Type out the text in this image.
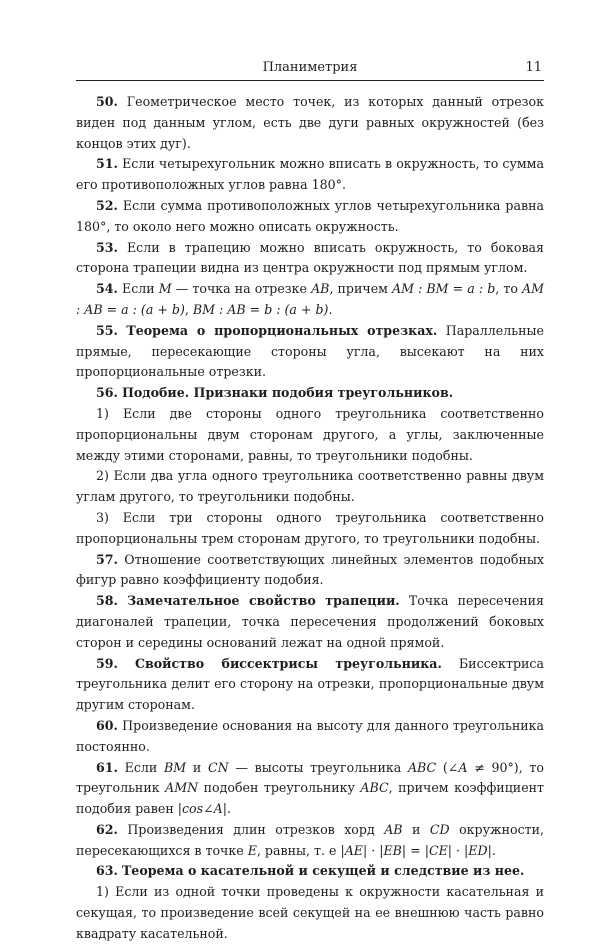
Планиметрия	11

50. Геометрическое место точек, из которых данный отрезок виден под данным углом, есть две дуги равных окружностей (без концов этих дуг).

51. Если четырехугольник можно вписать в окружность, то сумма его противоположных углов равна 180°.

52. Если сумма противоположных углов четырехугольника равна 180°, то около него можно описать окружность.

53. Если в трапецию можно вписать окружность, то боковая сторона трапеции видна из центра окружности под прямым углом.

54. Если M — точка на отрезке AB, причем AM : BM = a : b, то AM : AB = a : (a + b), BM : AB = b : (a + b).

55. Теорема о пропорциональных отрезках. Параллельные прямые, пересекающие стороны угла, высекают на них пропорциональные отрезки.

56. Подобие. Признаки подобия треугольников.

1) Если две стороны одного треугольника соответственно пропорциональны двум сторонам другого, а углы, заключенные между этими сторонами, равны, то треугольники подобны.

2) Если два угла одного треугольника соответственно равны двум углам другого, то треугольники подобны.

3) Если три стороны одного треугольника соответственно пропорциональны трем сторонам другого, то треугольники подобны.

57. Отношение соответствующих линейных элементов подобных фигур равно коэффициенту подобия.

58. Замечательное свойство трапеции. Точка пересечения диагоналей трапеции, точка пересечения продолжений боковых сторон и середины оснований лежат на одной прямой.

59. Свойство биссектрисы треугольника. Биссектриса треугольника делит его сторону на отрезки, пропорциональные двум другим сторонам.

60. Произведение основания на высоту для данного треугольника постоянно.

61. Если BM и CN — высоты треугольника ABC (∠A ≠ 90°), то треугольник AMN подобен треугольнику ABC, причем коэффициент подобия равен |cos∠A|.

62. Произведения длин отрезков хорд AB и CD окружности, пересекающихся в точке E, равны, т. е |AE| · |EB| = |CE| · |ED|.

63. Теорема о касательной и секущей и следствие из нее.

1) Если из одной точки проведены к окружности касательная и секущая, то произведение всей секущей на ее внешнюю часть равно квадрату касательной.
